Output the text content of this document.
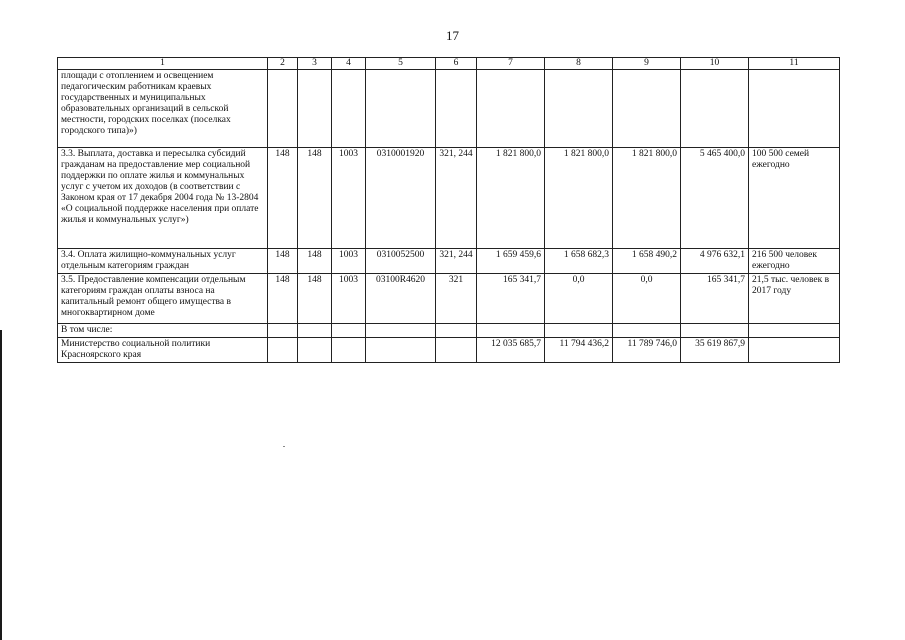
17
1	2	3	4	5	6	7	8	9	10	11
площади с отоплением и освещением педагогическим работникам краевых государственных и муниципальных образовательных организаций в сельской местности, городских поселках (поселках городского типа)»)										
3.3. Выплата, доставка и пересылка субсидий гражданам на предоставление мер социальной поддержки по оплате жилья и коммунальных услуг с учетом их доходов (в соответствии с Законом края от 17 декабря 2004 года № 13-2804 «О социальной поддержке населения при оплате жилья и коммунальных услуг»)	148	148	1003	0310001920	321, 244	1 821 800,0	1 821 800,0	1 821 800,0	5 465 400,0	100 500 семей ежегодно
3.4. Оплата жилищно-коммунальных услуг отдельным категориям граждан	148	148	1003	0310052500	321, 244	1 659 459,6	1 658 682,3	1 658 490,2	4 976 632,1	216 500 человек ежегодно
3.5. Предоставление компенсации отдельным категориям граждан оплаты взноса на капитальный ремонт общего имущества в многоквартирном доме	148	148	1003	03100R4620	321	165 341,7	0,0	0,0	165 341,7	21,5 тыс. человек в 2017 году
В том числе:										
Министерство социальной политики Красноярского края						12 035 685,7	11 794 436,2	11 789 746,0	35 619 867,9	
